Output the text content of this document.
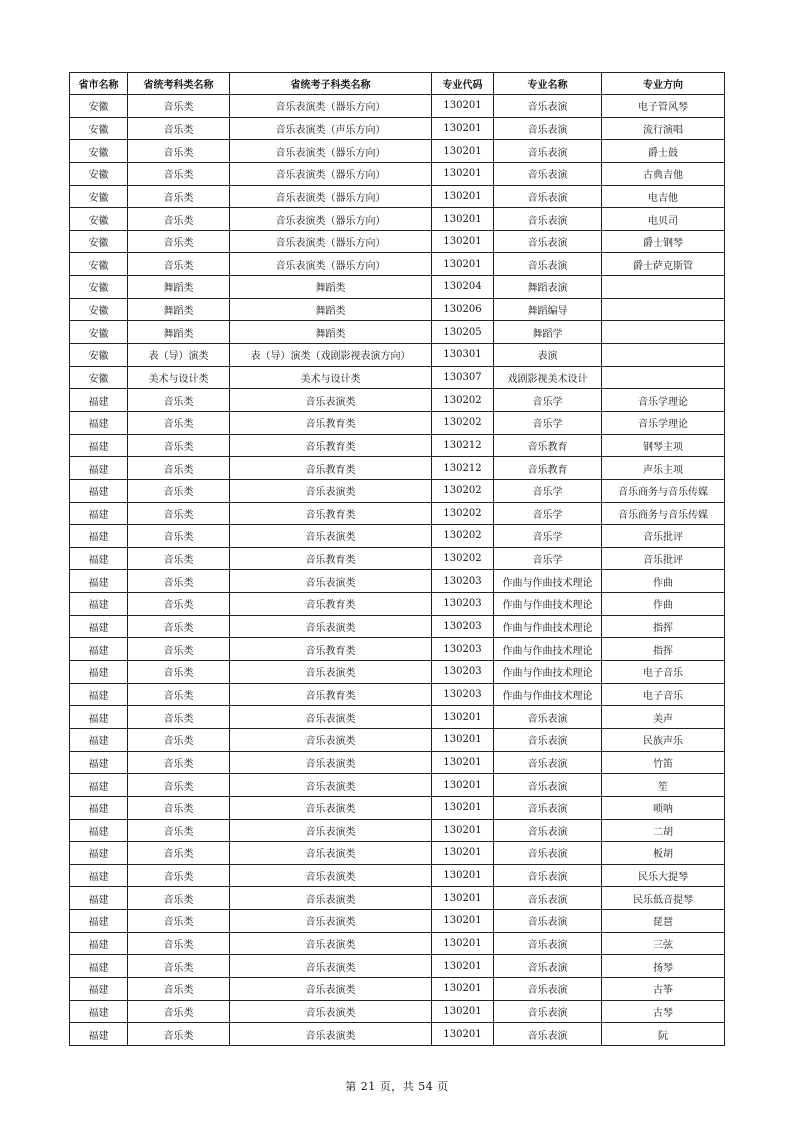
省市名称	省统考科类名称	省统考子科类名称	专业代码	专业名称	专业方向
安徽	音乐类	音乐表演类（器乐方向）	130201	音乐表演	电子管风琴
安徽	音乐类	音乐表演类（声乐方向）	130201	音乐表演	流行演唱
安徽	音乐类	音乐表演类（器乐方向）	130201	音乐表演	爵士鼓
安徽	音乐类	音乐表演类（器乐方向）	130201	音乐表演	古典吉他
安徽	音乐类	音乐表演类（器乐方向）	130201	音乐表演	电吉他
安徽	音乐类	音乐表演类（器乐方向）	130201	音乐表演	电贝司
安徽	音乐类	音乐表演类（器乐方向）	130201	音乐表演	爵士钢琴
安徽	音乐类	音乐表演类（器乐方向）	130201	音乐表演	爵士萨克斯管
安徽	舞蹈类	舞蹈类	130204	舞蹈表演	
安徽	舞蹈类	舞蹈类	130206	舞蹈编导	
安徽	舞蹈类	舞蹈类	130205	舞蹈学	
安徽	表（导）演类	表（导）演类（戏剧影视表演方向）	130301	表演	
安徽	美术与设计类	美术与设计类	130307	戏剧影视美术设计	
福建	音乐类	音乐表演类	130202	音乐学	音乐学理论
福建	音乐类	音乐教育类	130202	音乐学	音乐学理论
福建	音乐类	音乐教育类	130212	音乐教育	钢琴主项
福建	音乐类	音乐教育类	130212	音乐教育	声乐主项
福建	音乐类	音乐表演类	130202	音乐学	音乐商务与音乐传媒
福建	音乐类	音乐教育类	130202	音乐学	音乐商务与音乐传媒
福建	音乐类	音乐表演类	130202	音乐学	音乐批评
福建	音乐类	音乐教育类	130202	音乐学	音乐批评
福建	音乐类	音乐表演类	130203	作曲与作曲技术理论	作曲
福建	音乐类	音乐教育类	130203	作曲与作曲技术理论	作曲
福建	音乐类	音乐表演类	130203	作曲与作曲技术理论	指挥
福建	音乐类	音乐教育类	130203	作曲与作曲技术理论	指挥
福建	音乐类	音乐表演类	130203	作曲与作曲技术理论	电子音乐
福建	音乐类	音乐教育类	130203	作曲与作曲技术理论	电子音乐
福建	音乐类	音乐表演类	130201	音乐表演	美声
福建	音乐类	音乐表演类	130201	音乐表演	民族声乐
福建	音乐类	音乐表演类	130201	音乐表演	竹笛
福建	音乐类	音乐表演类	130201	音乐表演	笙
福建	音乐类	音乐表演类	130201	音乐表演	唢呐
福建	音乐类	音乐表演类	130201	音乐表演	二胡
福建	音乐类	音乐表演类	130201	音乐表演	板胡
福建	音乐类	音乐表演类	130201	音乐表演	民乐大提琴
福建	音乐类	音乐表演类	130201	音乐表演	民乐低音提琴
福建	音乐类	音乐表演类	130201	音乐表演	琵琶
福建	音乐类	音乐表演类	130201	音乐表演	三弦
福建	音乐类	音乐表演类	130201	音乐表演	扬琴
福建	音乐类	音乐表演类	130201	音乐表演	古筝
福建	音乐类	音乐表演类	130201	音乐表演	古琴
福建	音乐类	音乐表演类	130201	音乐表演	阮
第 21 页，共 54 页
